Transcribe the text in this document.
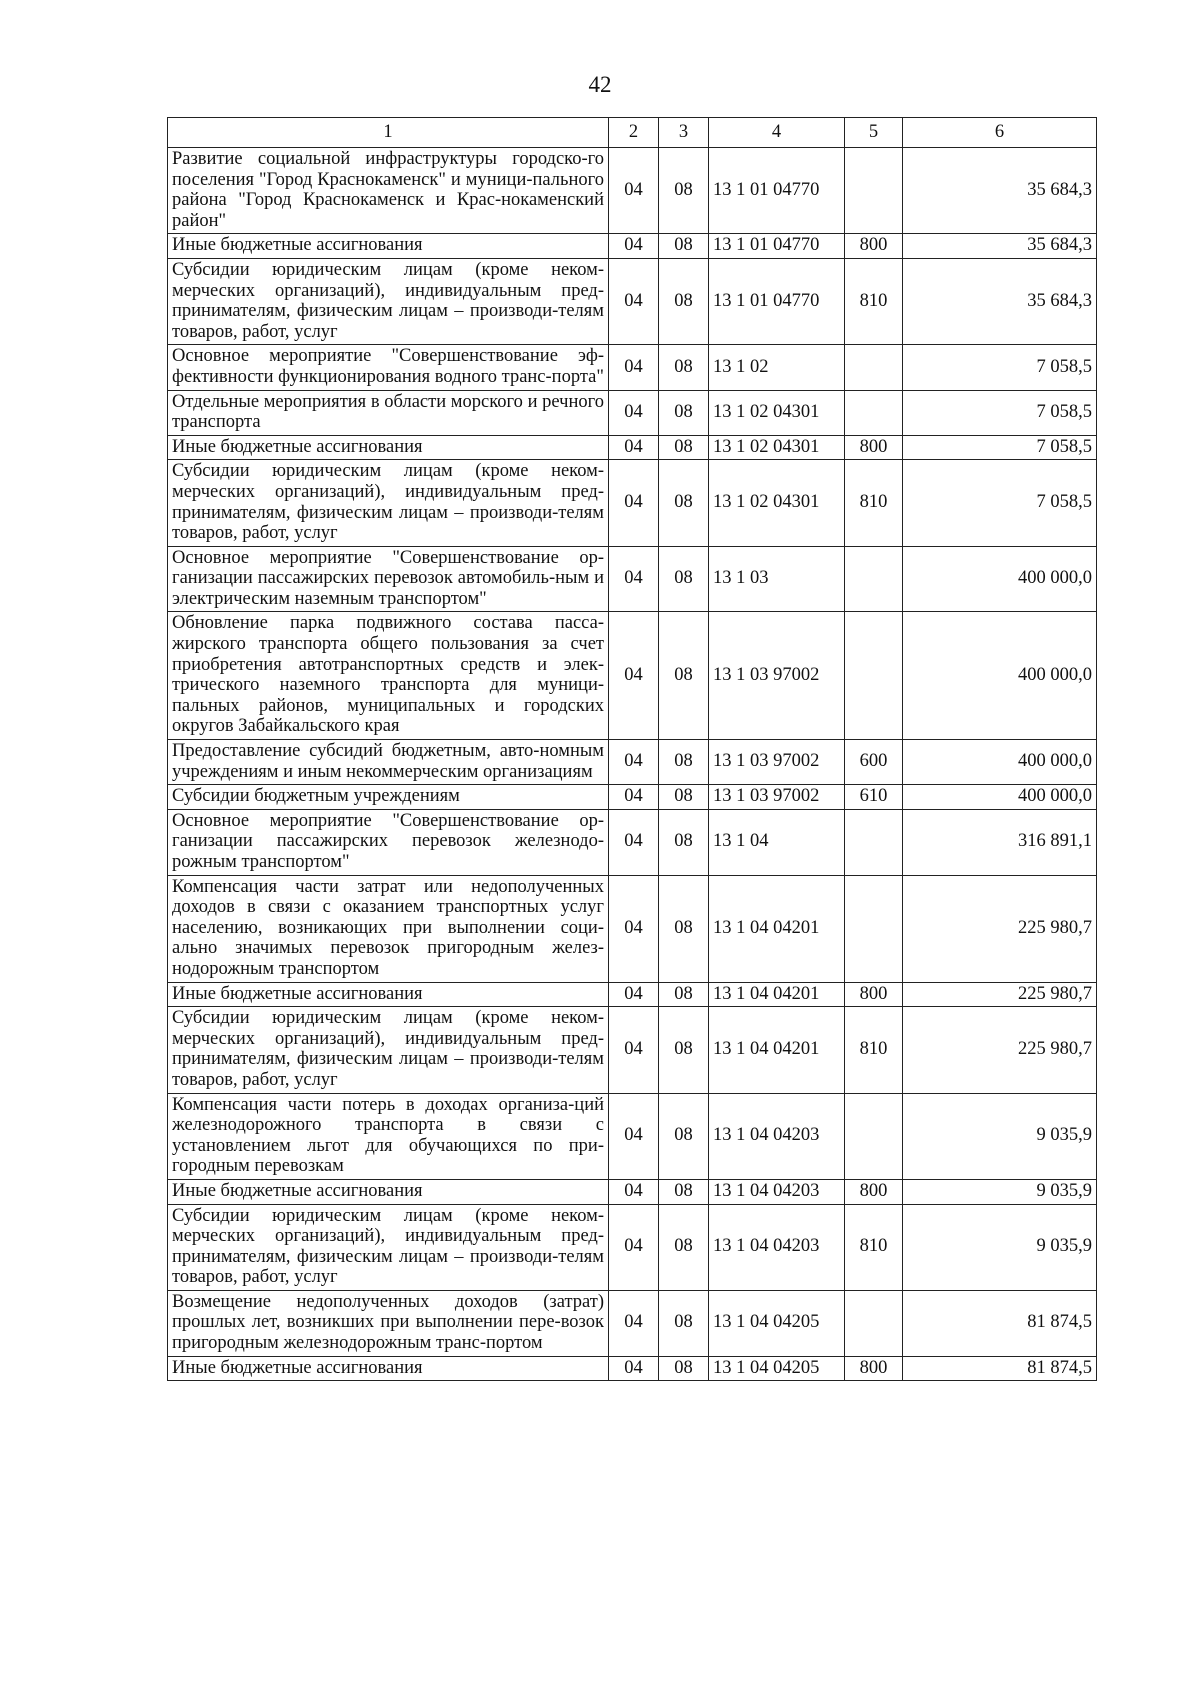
42
1	2	3	4	5	6
Развитие социальной инфраструктуры городско-го поселения "Город Краснокаменск" и муници-пального района "Город Краснокаменск и Крас-нокаменский район"	04	08	13 1 01 04770		35 684,3
Иные бюджетные ассигнования	04	08	13 1 01 04770	800	35 684,3
Субсидии юридическим лицам (кроме неком-мерческих организаций), индивидуальным пред-принимателям, физическим лицам – производи-телям товаров, работ, услуг	04	08	13 1 01 04770	810	35 684,3
Основное мероприятие "Совершенствование эф-фективности функционирования водного транс-порта"	04	08	13 1 02		7 058,5
Отдельные мероприятия в области морского и речного транспорта	04	08	13 1 02 04301		7 058,5
Иные бюджетные ассигнования	04	08	13 1 02 04301	800	7 058,5
Субсидии юридическим лицам (кроме неком-мерческих организаций), индивидуальным пред-принимателям, физическим лицам – производи-телям товаров, работ, услуг	04	08	13 1 02 04301	810	7 058,5
Основное мероприятие "Совершенствование ор-ганизации пассажирских перевозок автомобиль-ным и электрическим наземным транспортом"	04	08	13 1 03		400 000,0
Обновление парка подвижного состава пасса-жирского транспорта общего пользования за счет приобретения автотранспортных средств и элек-трического наземного транспорта для муници-пальных районов, муниципальных и городских округов Забайкальского края	04	08	13 1 03 97002		400 000,0
Предоставление субсидий бюджетным, авто-номным учреждениям и иным некоммерческим организациям	04	08	13 1 03 97002	600	400 000,0
Субсидии бюджетным учреждениям	04	08	13 1 03 97002	610	400 000,0
Основное мероприятие "Совершенствование ор-ганизации пассажирских перевозок железнодо-рожным транспортом"	04	08	13 1 04		316 891,1
Компенсация части затрат или недополученных доходов в связи с оказанием транспортных услуг населению, возникающих при выполнении соци-ально значимых перевозок пригородным желез-нодорожным транспортом	04	08	13 1 04 04201		225 980,7
Иные бюджетные ассигнования	04	08	13 1 04 04201	800	225 980,7
Субсидии юридическим лицам (кроме неком-мерческих организаций), индивидуальным пред-принимателям, физическим лицам – производи-телям товаров, работ, услуг	04	08	13 1 04 04201	810	225 980,7
Компенсация части потерь в доходах организа-ций железнодорожного транспорта в связи с установлением льгот для обучающихся по при-городным перевозкам	04	08	13 1 04 04203		9 035,9
Иные бюджетные ассигнования	04	08	13 1 04 04203	800	9 035,9
Субсидии юридическим лицам (кроме неком-мерческих организаций), индивидуальным пред-принимателям, физическим лицам – производи-телям товаров, работ, услуг	04	08	13 1 04 04203	810	9 035,9
Возмещение недополученных доходов (затрат) прошлых лет, возникших при выполнении пере-возок пригородным железнодорожным транс-портом	04	08	13 1 04 04205		81 874,5
Иные бюджетные ассигнования	04	08	13 1 04 04205	800	81 874,5
